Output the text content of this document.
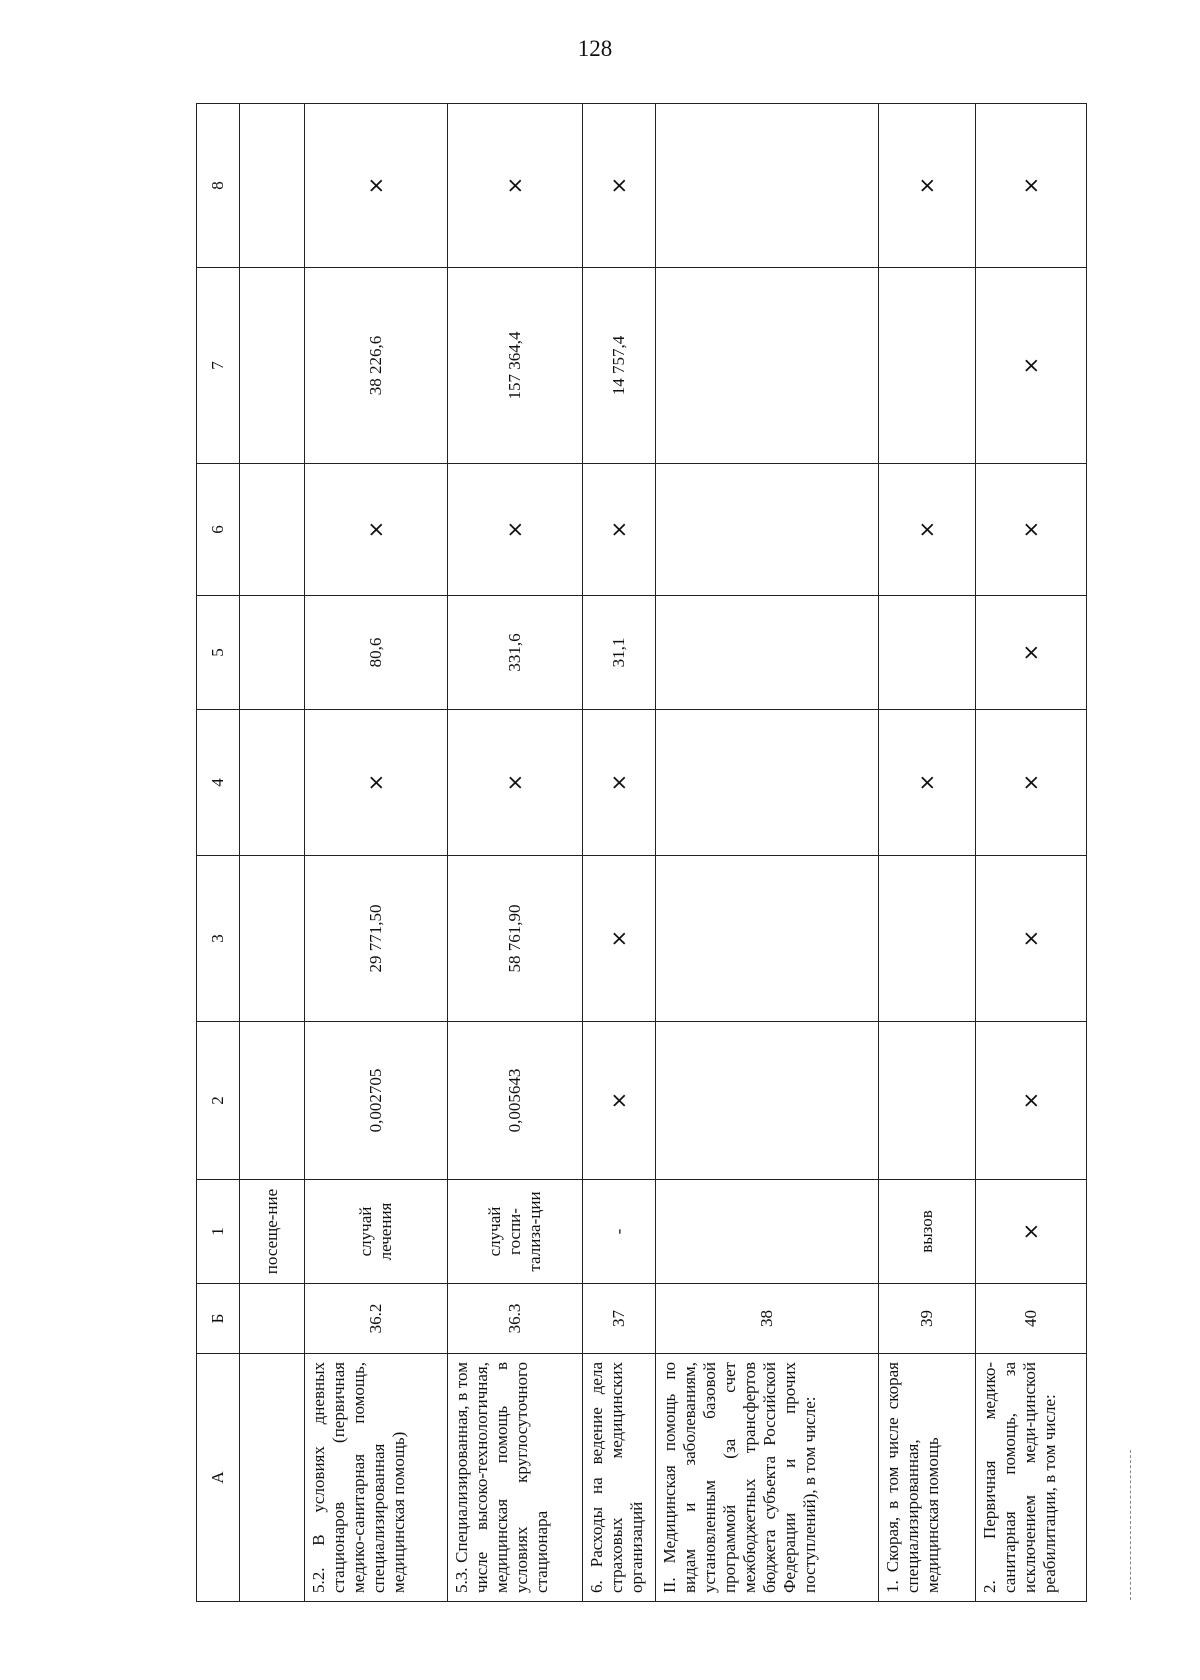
128
А	Б	1	2	3	4	5	6	7	8
		посеще-ние							
5.2. В условиях дневных стационаров (первичная медико-санитарная помощь, специализированная медицинская помощь)	36.2	случай лечения	0,002705	29 771,50	×	80,6	×	38 226,6	×
5.3. Специализированная, в том числе высоко-технологичная, медицинская помощь в условиях круглосуточного стационара	36.3	случай госпи-тализа-ции	0,005643	58 761,90	×	331,6	×	157 364,4	×
6. Расходы на ведение дела страховых медицинских организаций	37	-	×	×	×	31,1	×	14 757,4	×
II. Медицинская помощь по видам и заболеваниям, установленным базовой программой (за счет межбюджетных трансфертов бюджета субъекта Российской Федерации и прочих поступлений), в том числе:	38								
1. Скорая, в том числе скорая специализированная, медицинская помощь	39	вызов			×		×		×
2. Первичная медико-санитарная помощь, за исключением меди-цинской реабилитации, в том числе:	40	×	×	×	×	×	×	×	×
